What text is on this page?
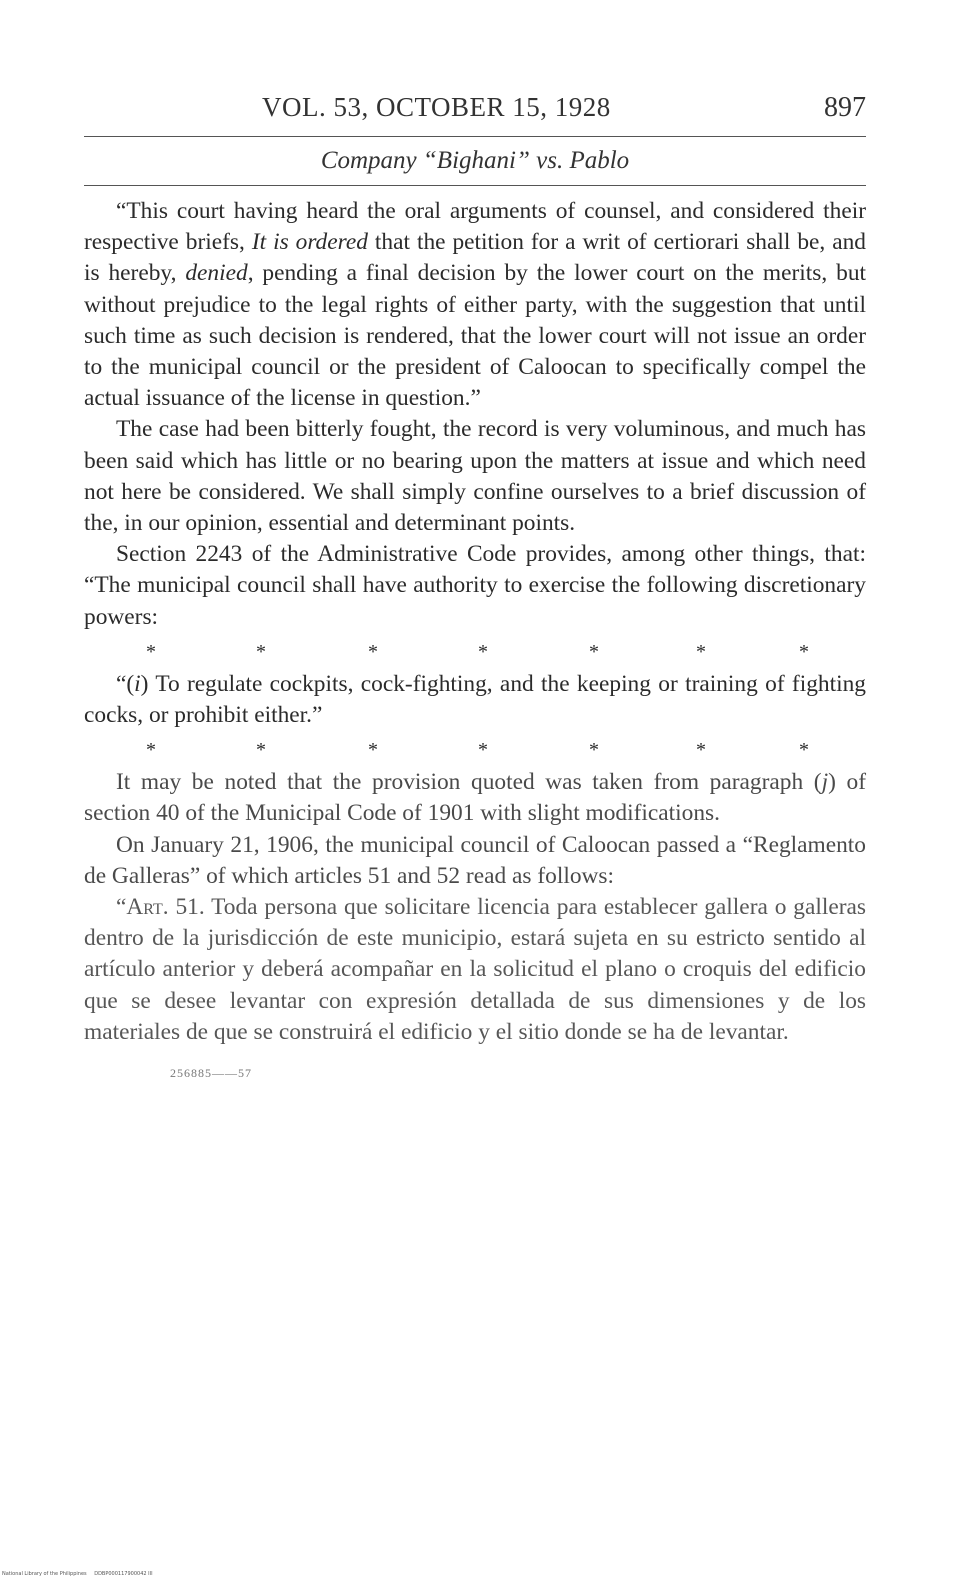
VOL. 53, OCTOBER 15, 1928	897
Company “Bighani” vs. Pablo

“This court having heard the oral arguments of counsel, and considered their respective briefs, It is ordered that the petition for a writ of certiorari shall be, and is hereby, denied, pending a final decision by the lower court on the merits, but without prejudice to the legal rights of either party, with the suggestion that until such time as such decision is rendered, that the lower court will not issue an order to the municipal council or the president of Caloocan to specifically compel the actual issuance of the license in question.”

The case had been bitterly fought, the record is very voluminous, and much has been said which has little or no bearing upon the matters at issue and which need not here be considered. We shall simply confine ourselves to a brief discussion of the, in our opinion, essential and determinant points.

Section 2243 of the Administrative Code provides, among other things, that: “The municipal council shall have authority to exercise the following discretionary powers:

*	*	*	*	*	*	*

“(i) To regulate cockpits, cock-fighting, and the keeping or training of fighting cocks, or prohibit either.”

*	*	*	*	*	*	*

It may be noted that the provision quoted was taken from paragraph (j) of section 40 of the Municipal Code of 1901 with slight modifications.

On January 21, 1906, the municipal council of Caloocan passed a “Reglamento de Galleras” of which articles 51 and 52 read as follows:

“Art. 51. Toda persona que solicitare licencia para establecer gallera o galleras dentro de la jurisdicción de este municipio, estará sujeta en su estricto sentido al artículo anterior y deberá acompañar en la solicitud el plano o croquis del edificio que se desee levantar con expresión detallada de sus dimensiones y de los materiales de que se construirá el edificio y el sitio donde se ha de levantar.

256885——57
National Library of the Philippines DDBP000117900042 III
